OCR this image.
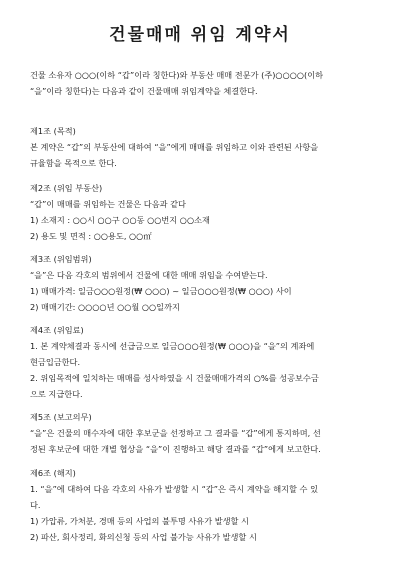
건물매매 위임 계약서
건물 소유자 ○○○(이하 “갑”이라 칭한다)와 부동산 매매 전문가 (주)○○○○(이하
“을”이라 칭한다)는 다음과 같이 건물매매 위임계약을 체결한다.
제1조 (목적)
본 계약은 “갑”의 부동산에 대하여 “을”에게 매매를 위임하고 이와 관련된 사항을
규율함을 목적으로 한다.
제2조 (위임 부동산)
“갑”이 매매를 위임하는 건물은 다음과 같다
1) 소재지 : ○○시 ○○구 ○○동 ○○번지 ○○소재
2) 용도 및 면적 : ○○용도, ○○㎡
제3조 (위임범위)
“을”은 다음 각호의 범위에서 건물에 대한 매매 위임을 수여받는다.
1) 매매가격: 일금○○○원정(₩ ○○○) ~ 일금○○○원정(₩ ○○○) 사이
2) 매매기간: ○○○○년 ○○월 ○○일까지
제4조 (위임료)
1. 본 계약체결과 동시에 선급금으로 일금○○○원정(₩ ○○○)을 “을”의 계좌에
현금입금한다.
2. 위임목적에 일치하는 매매를 성사하였을 시 건물매매가격의 ○%를 성공보수금
으로 지급한다.
제5조 (보고의무)
“을”은 건물의 매수자에 대한 후보군을 선정하고 그 결과를 “갑”에게 통지하며, 선
정된 후보군에 대한 개별 협상을 “을”이 진행하고 해당 결과를 “갑”에게 보고한다.
제6조 (해지)
1. “을”에 대하여 다음 각호의 사유가 발생할 시 “갑”은 즉시 계약을 해지할 수 있
다.
1) 가압류, 가처분, 경매 등의 사업의 불투명 사유가 발생할 시
2) 파산, 회사정리, 화의신청 등의 사업 불가능 사유가 발생할 시
